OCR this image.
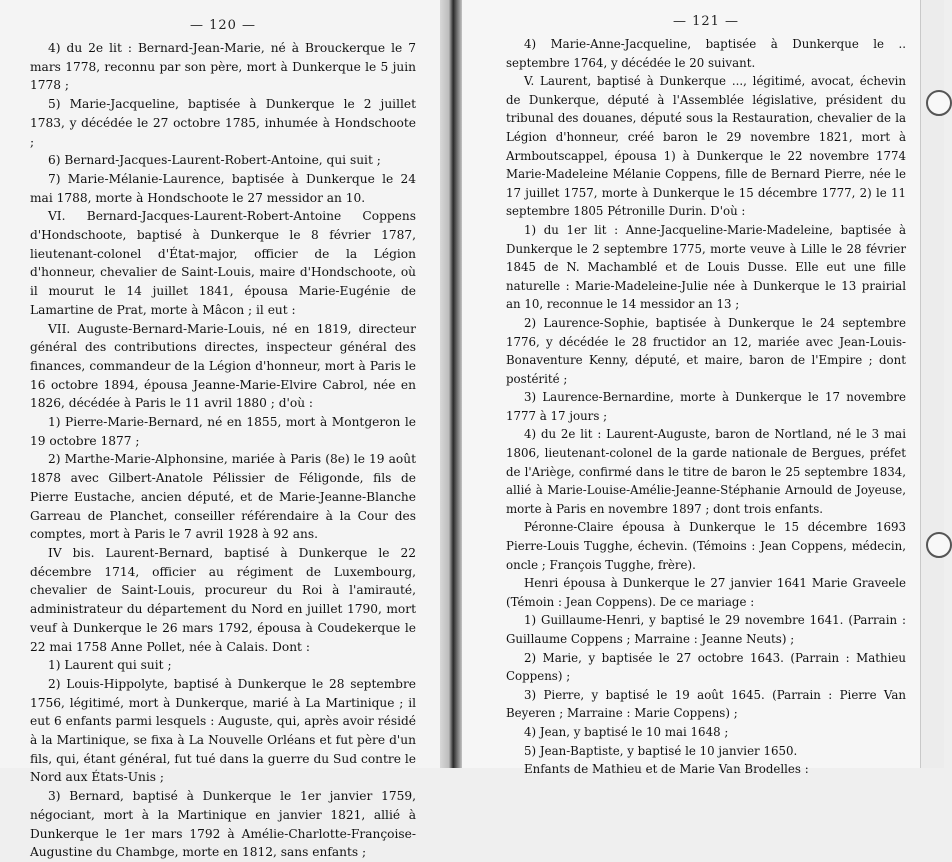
— 120 —

4) du 2e lit : Bernard-Jean-Marie, né à Brouckerque le 7 mars 1778, reconnu par son père, mort à Dunkerque le 5 juin 1778 ;

5) Marie-Jacqueline, baptisée à Dunkerque le 2 juillet 1783, y décédée le 27 octobre 1785, inhumée à Hondschoote ;

6) Bernard-Jacques-Laurent-Robert-Antoine, qui suit ;

7) Marie-Mélanie-Laurence, baptisée à Dunkerque le 24 mai 1788, morte à Hondschoote le 27 messidor an 10.

VI. Bernard-Jacques-Laurent-Robert-Antoine Coppens d'Hondschoote, baptisé à Dunkerque le 8 février 1787, lieutenant-colonel d'État-major, officier de la Légion d'honneur, chevalier de Saint-Louis, maire d'Hondschoote, où il mourut le 14 juillet 1841, épousa Marie-Eugénie de Lamartine de Prat, morte à Mâcon ; il eut :

VII. Auguste-Bernard-Marie-Louis, né en 1819, directeur général des contributions directes, inspecteur général des finances, commandeur de la Légion d'honneur, mort à Paris le 16 octobre 1894, épousa Jeanne-Marie-Elvire Cabrol, née en 1826, décédée à Paris le 11 avril 1880 ; d'où :

1) Pierre-Marie-Bernard, né en 1855, mort à Montgeron le 19 octobre 1877 ;

2) Marthe-Marie-Alphonsine, mariée à Paris (8e) le 19 août 1878 avec Gilbert-Anatole Pélissier de Féligonde, fils de Pierre Eustache, ancien député, et de Marie-Jeanne-Blanche Garreau de Planchet, conseiller référendaire à la Cour des comptes, mort à Paris le 7 avril 1928 à 92 ans.

IV bis. Laurent-Bernard, baptisé à Dunkerque le 22 décembre 1714, officier au régiment de Luxembourg, chevalier de Saint-Louis, procureur du Roi à l'amirauté, administrateur du département du Nord en juillet 1790, mort veuf à Dunkerque le 26 mars 1792, épousa à Coudekerque le 22 mai 1758 Anne Pollet, née à Calais. Dont :

1) Laurent qui suit ;

2) Louis-Hippolyte, baptisé à Dunkerque le 28 septembre 1756, légitimé, mort à Dunkerque, marié à La Martinique ; il eut 6 enfants parmi lesquels : Auguste, qui, après avoir résidé à la Martinique, se fixa à La Nouvelle Orléans et fut père d'un fils, qui, étant général, fut tué dans la guerre du Sud contre le Nord aux États-Unis ;

3) Bernard, baptisé à Dunkerque le 1er janvier 1759, négociant, mort à la Martinique en janvier 1821, allié à Dunkerque le 1er mars 1792 à Amélie-Charlotte-Françoise-Augustine du Chambge, morte en 1812, sans enfants ;

— 121 —

4) Marie-Anne-Jacqueline, baptisée à Dunkerque le .. septembre 1764, y décédée le 20 suivant.

V. Laurent, baptisé à Dunkerque ..., légitimé, avocat, échevin de Dunkerque, député à l'Assemblée législative, président du tribunal des douanes, député sous la Restauration, chevalier de la Légion d'honneur, créé baron le 29 novembre 1821, mort à Armboutscappel, épousa 1) à Dunkerque le 22 novembre 1774 Marie-Madeleine Mélanie Coppens, fille de Bernard Pierre, née le 17 juillet 1757, morte à Dunkerque le 15 décembre 1777, 2) le 11 septembre 1805 Pétronille Durin. D'où :

1) du 1er lit : Anne-Jacqueline-Marie-Madeleine, baptisée à Dunkerque le 2 septembre 1775, morte veuve à Lille le 28 février 1845 de N. Machamblé et de Louis Dusse. Elle eut une fille naturelle : Marie-Madeleine-Julie née à Dunkerque le 13 prairial an 10, reconnue le 14 messidor an 13 ;

2) Laurence-Sophie, baptisée à Dunkerque le 24 septembre 1776, y décédée le 28 fructidor an 12, mariée avec Jean-Louis-Bonaventure Kenny, député, et maire, baron de l'Empire ; dont postérité ;

3) Laurence-Bernardine, morte à Dunkerque le 17 novembre 1777 à 17 jours ;

4) du 2e lit : Laurent-Auguste, baron de Nortland, né le 3 mai 1806, lieutenant-colonel de la garde nationale de Bergues, préfet de l'Ariège, confirmé dans le titre de baron le 25 septembre 1834, allié à Marie-Louise-Amélie-Jeanne-Stéphanie Arnould de Joyeuse, morte à Paris en novembre 1897 ; dont trois enfants.

Péronne-Claire épousa à Dunkerque le 15 décembre 1693 Pierre-Louis Tugghe, échevin. (Témoins : Jean Coppens, médecin, oncle ; François Tugghe, frère).

Henri épousa à Dunkerque le 27 janvier 1641 Marie Graveele (Témoin : Jean Coppens). De ce mariage :

1) Guillaume-Henri, y baptisé le 29 novembre 1641. (Parrain : Guillaume Coppens ; Marraine : Jeanne Neuts) ;

2) Marie, y baptisée le 27 octobre 1643. (Parrain : Mathieu Coppens) ;

3) Pierre, y baptisé le 19 août 1645. (Parrain : Pierre Van Beyeren ; Marraine : Marie Coppens) ;

4) Jean, y baptisé le 10 mai 1648 ;

5) Jean-Baptiste, y baptisé le 10 janvier 1650.

Enfants de Mathieu et de Marie Van Brodelles :
